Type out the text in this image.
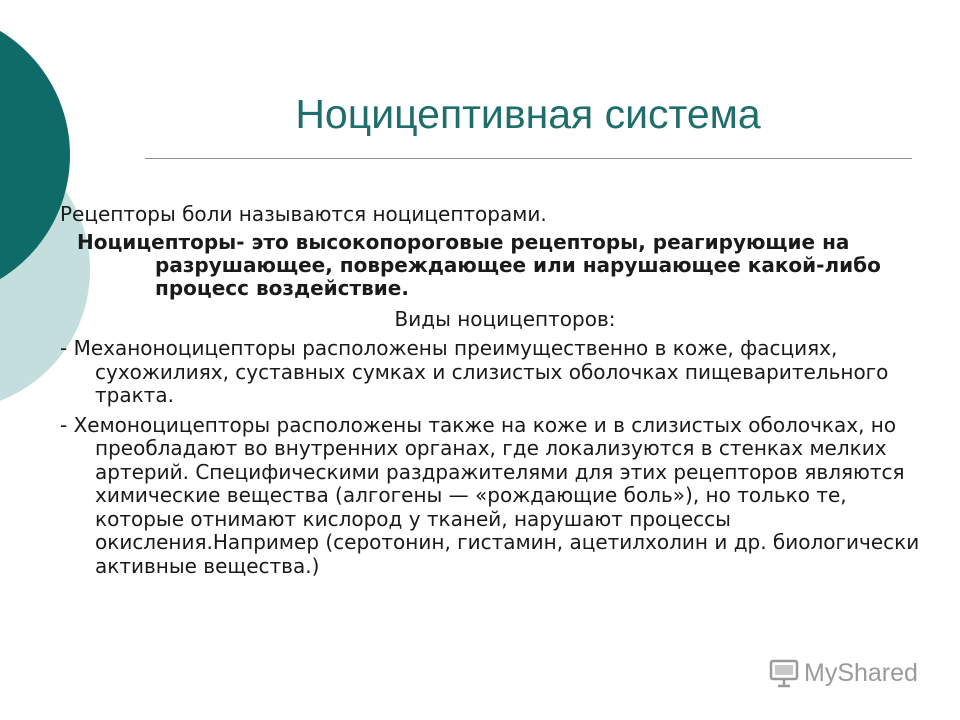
Ноцицептивная система

Рецепторы боли называются ноцицепторами.

Ноцицепторы- это высокопороговые рецепторы, реагирующие на разрушающее, повреждающее или нарушающее какой-либо процесс воздействие.

Виды ноцицепторов:

- Механоноцицепторы расположены преимущественно в коже, фасциях, сухожилиях, суставных сумках и слизистых оболочках пищеварительного тракта.

- Хемоноцицепторы расположены также на коже и в слизистых оболочках, но преобладают во внутренних органах, где локализуются в стенках мелких артерий. Специфическими раздражителями для этих рецепторов являются химические вещества (алгогены — «рождающие боль»), но только те, которые отнимают кислород у тканей, нарушают процессы окисления.Например (серотонин, гистамин, ацетилхолин и др. биологически активные вещества.)

MyShared
